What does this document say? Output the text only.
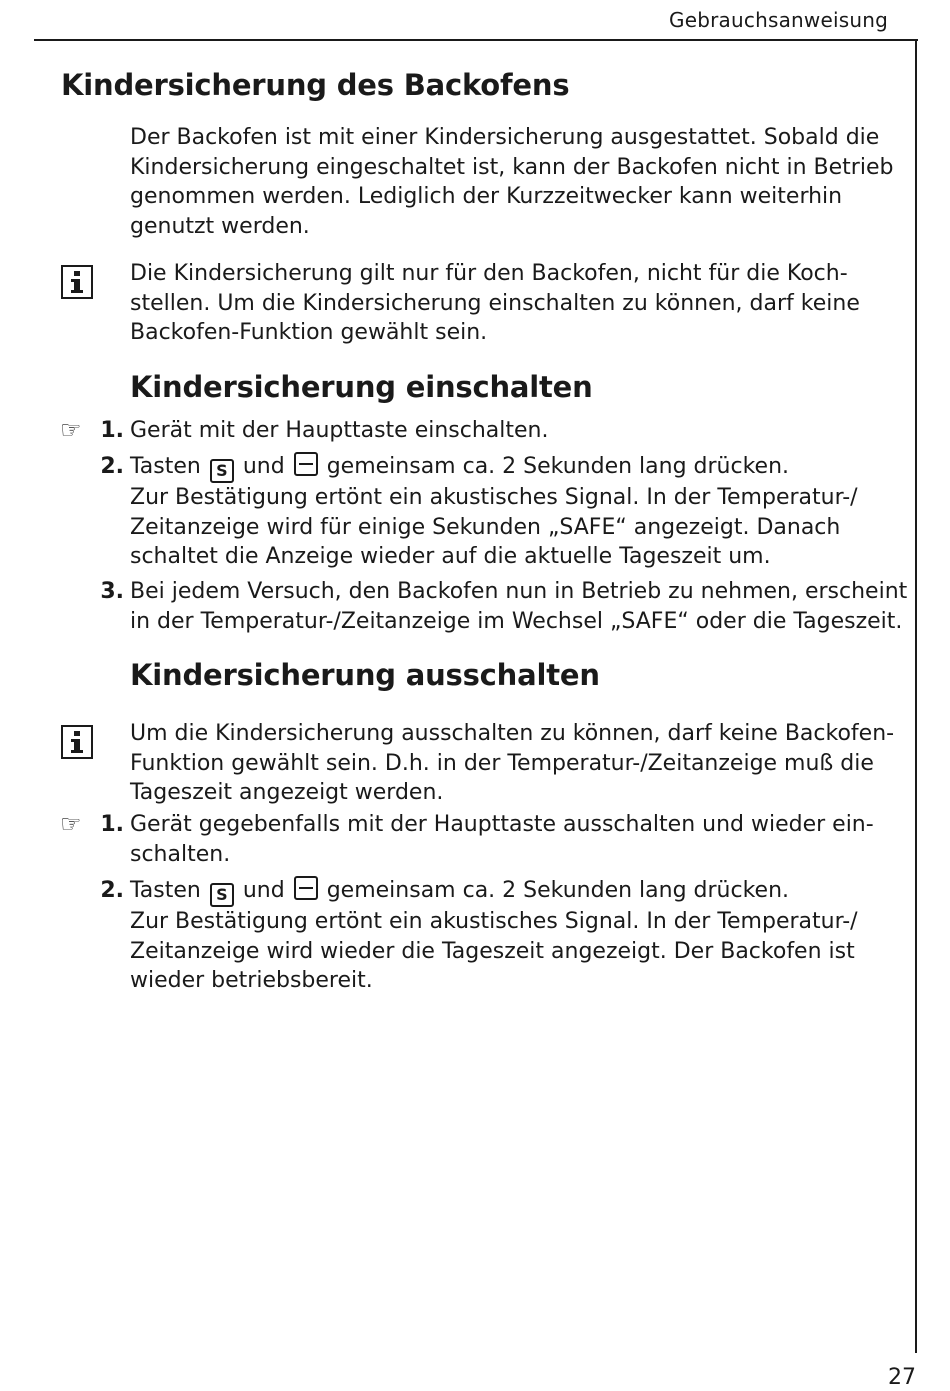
Gebrauchsanweisung
Kindersicherung des Backofens
Der Backofen ist mit einer Kindersicherung ausgestattet. Sobald die
Kindersicherung eingeschaltet ist, kann der Backofen nicht in Betrieb
genommen werden. Lediglich der Kurzzeitwecker kann weiterhin
genutzt werden.
Die Kindersicherung gilt nur für den Backofen, nicht für die Koch-
stellen. Um die Kindersicherung einschalten zu können, darf keine
Backofen-Funktion gewählt sein.
Kindersicherung einschalten
☞ 1. Gerät mit der Haupttaste einschalten.
2. Tasten S und gemeinsam ca. 2 Sekunden lang drücken.
Zur Bestätigung ertönt ein akustisches Signal. In der Temperatur-/
Zeitanzeige wird für einige Sekunden „SAFE“ angezeigt. Danach
schaltet die Anzeige wieder auf die aktuelle Tageszeit um.
3. Bei jedem Versuch, den Backofen nun in Betrieb zu nehmen, erscheint
in der Temperatur-/Zeitanzeige im Wechsel „SAFE“ oder die Tageszeit.
Kindersicherung ausschalten
Um die Kindersicherung ausschalten zu können, darf keine Backofen-
Funktion gewählt sein. D.h. in der Temperatur-/Zeitanzeige muß die
Tageszeit angezeigt werden.
☞ 1. Gerät gegebenfalls mit der Haupttaste ausschalten und wieder ein-
schalten.
2. Tasten S und gemeinsam ca. 2 Sekunden lang drücken.
Zur Bestätigung ertönt ein akustisches Signal. In der Temperatur-/
Zeitanzeige wird wieder die Tageszeit angezeigt. Der Backofen ist
wieder betriebsbereit.
27
